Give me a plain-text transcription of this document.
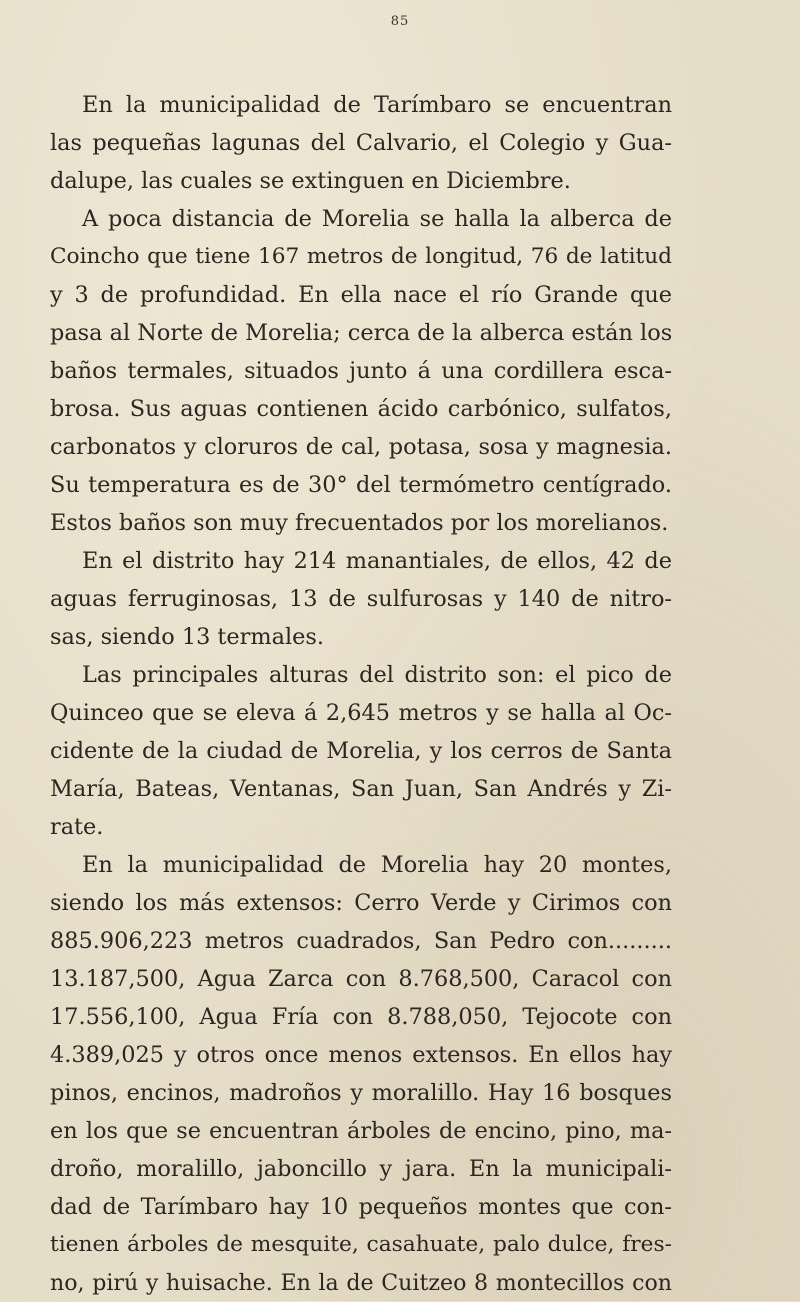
85
En la municipalidad de Tarímbaro se encuentran
las pequeñas lagunas del Calvario, el Colegio y Gua-
dalupe, las cuales se extinguen en Diciembre.
A poca distancia de Morelia se halla la alberca de
Coincho que tiene 167 metros de longitud, 76 de latitud
y 3 de profundidad. En ella nace el río Grande que
pasa al Norte de Morelia; cerca de la alberca están los
baños termales, situados junto á una cordillera esca-
brosa. Sus aguas contienen ácido carbónico, sulfatos,
carbonatos y cloruros de cal, potasa, sosa y magnesia.
Su temperatura es de 30° del termómetro centígrado.
Estos baños son muy frecuentados por los morelianos.
En el distrito hay 214 manantiales, de ellos, 42 de
aguas ferruginosas, 13 de sulfurosas y 140 de nitro-
sas, siendo 13 termales.
Las principales alturas del distrito son: el pico de
Quinceo que se eleva á 2,645 metros y se halla al Oc-
cidente de la ciudad de Morelia, y los cerros de Santa
María, Bateas, Ventanas, San Juan, San Andrés y Zi-
rate.
En la municipalidad de Morelia hay 20 montes,
siendo los más extensos: Cerro Verde y Cirimos con
885.906,223 metros cuadrados, San Pedro con.........
13.187,500, Agua Zarca con 8.768,500, Caracol con
17.556,100, Agua Fría con 8.788,050, Tejocote con
4.389,025 y otros once menos extensos. En ellos hay
pinos, encinos, madroños y moralillo. Hay 16 bosques
en los que se encuentran árboles de encino, pino, ma-
droño, moralillo, jaboncillo y jara. En la municipali-
dad de Tarímbaro hay 10 pequeños montes que con-
tienen árboles de mesquite, casahuate, palo dulce, fres-
no, pirú y huisache. En la de Cuitzeo 8 montecillos con
